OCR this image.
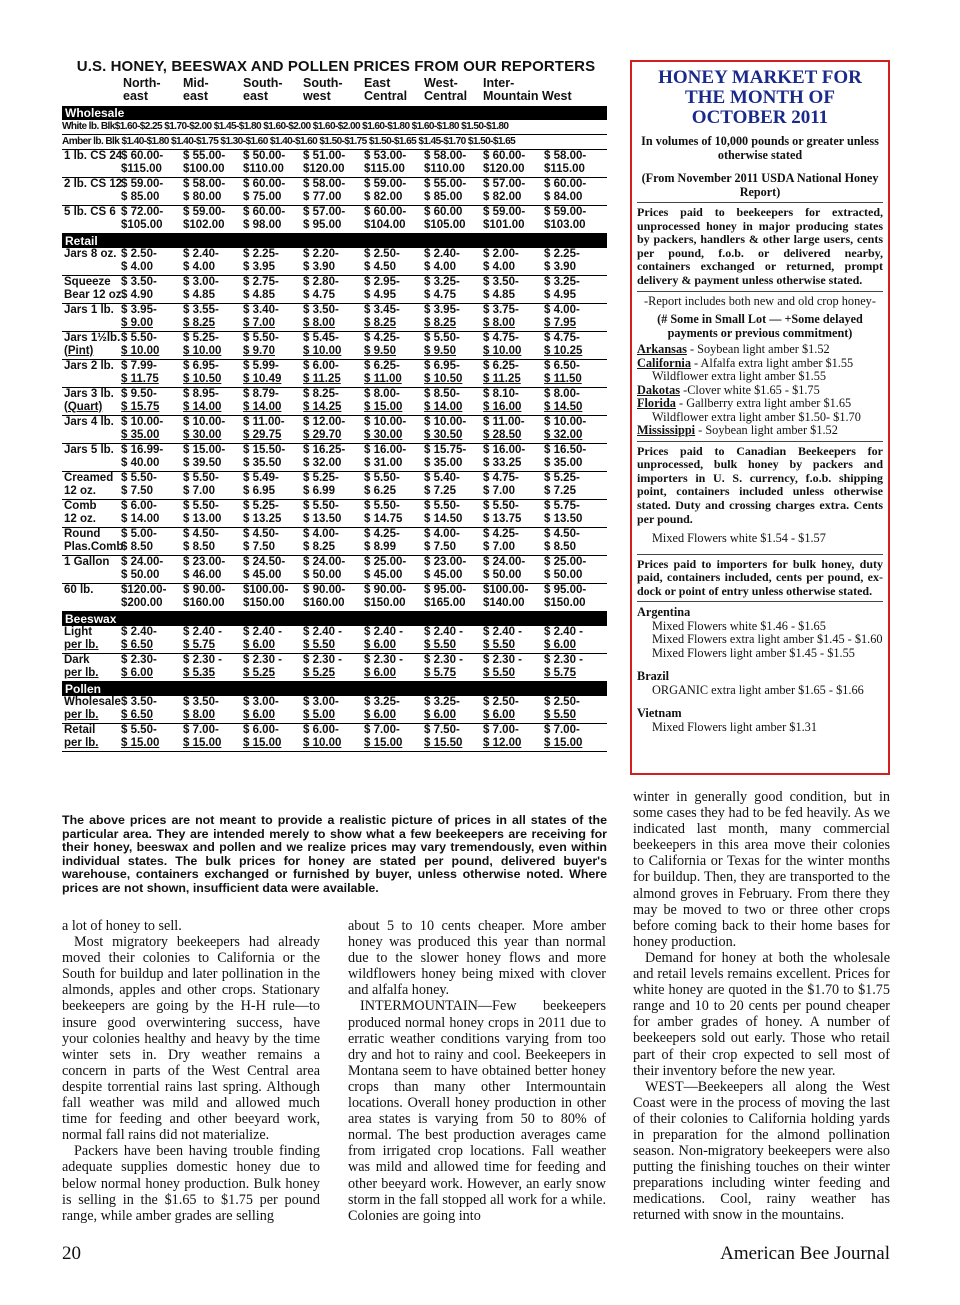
U.S. HONEY, BEESWAX AND POLLEN PRICES FROM OUR REPORTERS
North-
east
Mid-
east
South-
east
South-
west
East
Central
West-
Central
Inter-
Mountain West
Wholesale
White lb. Blk$1.60-$2.25 $1.70-$2.00 $1.45-$1.80 $1.60-$2.00 $1.60-$2.00 $1.60-$1.80 $1.60-$1.80 $1.50-$1.80
Amber lb. Blk $1.40-$1.80 $1.40-$1.75 $1.30-$1.60 $1.40-$1.60 $1.50-$1.75 $1.50-$1.65 $1.45-$1.70 $1.50-$1.65
1 lb. CS 24
$ 60.00-
$115.00
$ 55.00-
$100.00
$ 50.00-
$110.00
$ 51.00-
$120.00
$ 53.00-
$115.00
$ 58.00-
$110.00
$ 60.00-
$120.00
$ 58.00-
$115.00
2 lb. CS 12
$ 59.00-
$ 85.00
$ 58.00-
$ 80.00
$ 60.00-
$ 75.00
$ 58.00-
$ 77.00
$ 59.00-
$ 82.00
$ 55.00-
$ 85.00
$ 57.00-
$ 82.00
$ 60.00-
$ 84.00
5 lb. CS 6 $ 72.00-
$105.00
$ 59.00-
$102.00
$ 60.00-
$ 98.00
$ 57.00-
$ 95.00
$ 60.00-
$104.00
$ 60.00
$105.00
$ 59.00-
$101.00
$ 59.00-
$103.00
Retail
Jars 8 oz. $ 2.50-
$ 4.00
$ 2.40-
$ 4.00
$ 2.25-
$ 3.95
$ 2.20-
$ 3.90
$ 2.50-
$ 4.50
$ 2.40-
$ 4.00
$ 2.00-
$ 4.00
$ 2.25-
$ 3.90
Squeeze
Bear 12 oz.
$ 3.50-
$ 4.90
$ 3.00-
$ 4.85
$ 2.75-
$ 4.85
$ 2.80-
$ 4.75
$ 2.95-
$ 4.95
$ 3.25-
$ 4.75
$ 3.50-
$ 4.85
$ 3.25-
$ 4.95
Jars 1 lb. $ 3.95-
$ 9.00
$ 3.55-
$ 8.25
$ 3.40-
$ 7.00
$ 3.50-
$ 8.00
$ 3.45-
$ 8.25
$ 3.95-
$ 8.25
$ 3.75-
$ 8.00
$ 4.00-
$ 7.95
Jars 1½lb.
(Pint)
$ 5.50-
$ 10.00
$ 5.25-
$ 10.00
$ 5.50-
$ 9.70
$ 5.45-
$ 10.00
$ 4.25-
$ 9.50
$ 5.50-
$ 9.50
$ 4.75-
$ 10.00
$ 4.75-
$ 10.25
Jars 2 lb. $ 7.99-
$ 11.75
$ 6.95-
$ 10.50
$ 5.99-
$ 10.49
$ 6.00-
$ 11.25
$ 6.25-
$ 11.00
$ 6.95-
$ 10.50
$ 6.25-
$ 11.25
$ 6.50-
$ 11.50
Jars 3 lb.
(Quart)
$ 9.50-
$ 15.75
$ 8.95-
$ 14.00
$ 8.79-
$ 14.00
$ 8.25-
$ 14.25
$ 8.00-
$ 15.00
$ 8.50-
$ 14.00
$ 8.10-
$ 16.00
$ 8.00-
$ 14.50
Jars 4 lb. $ 10.00-
$ 35.00
$ 10.00-
$ 30.00
$ 11.00-
$ 29.75
$ 12.00-
$ 29.70
$ 10.00-
$ 30.00
$ 10.00-
$ 30.50
$ 11.00-
$ 28.50
$ 10.00-
$ 32.00
Jars 5 lb. $ 16.99-
$ 40.00
$ 15.00-
$ 39.50
$ 15.50-
$ 35.50
$ 16.25-
$ 32.00
$ 16.00-
$ 31.00
$ 15.75-
$ 35.00
$ 16.00-
$ 33.25
$ 16.50-
$ 35.00
Creamed
12 oz.
$ 5.50-
$ 7.50
$ 5.50-
$ 7.00
$ 5.49-
$ 6.95
$ 5.25-
$ 6.99
$ 5.50-
$ 6.25
$ 5.40-
$ 7.25
$ 4.75-
$ 7.00
$ 5.25-
$ 7.25
Comb
12 oz.
$ 6.00-
$ 14.00
$ 5.50-
$ 13.00
$ 5.25-
$ 13.25
$ 5.50-
$ 13.50
$ 5.50-
$ 14.75
$ 5.50-
$ 14.50
$ 5.50-
$ 13.75
$ 5.75-
$ 13.50
Round
Plas.Comb
$ 5.00-
$ 8.50
$ 4.50-
$ 8.50
$ 4.50-
$ 7.50
$ 4.00-
$ 8.25
$ 4.25-
$ 8.99
$ 4.00-
$ 7.50
$ 4.25-
$ 7.00
$ 4.50-
$ 8.50
1 Gallon $ 24.00-
$ 50.00
$ 23.00-
$ 46.00
$ 24.50-
$ 45.00
$ 24.00-
$ 50.00
$ 25.00-
$ 45.00
$ 23.00-
$ 45.00
$ 24.00-
$ 50.00
$ 25.00-
$ 50.00
60 lb. $120.00-
$200.00
$ 90.00-
$160.00
$100.00-
$150.00
$ 90.00-
$160.00
$ 90.00-
$150.00
$ 95.00-
$165.00
$100.00-
$140.00
$ 95.00-
$150.00
Beeswax
Light
per lb.
$ 2.40-
$ 6.50
$ 2.40 -
$ 5.75
$ 2.40 -
$ 6.00
$ 2.40 -
$ 5.50
$ 2.40 -
$ 6.00
$ 2.40 -
$ 5.50
$ 2.40 -
$ 5.50
$ 2.40 -
$ 6.00
Dark
per lb.
$ 2.30-
$ 6.00
$ 2.30 -
$ 5.35
$ 2.30 -
$ 5.25
$ 2.30 -
$ 5.25
$ 2.30 -
$ 6.00
$ 2.30 -
$ 5.75
$ 2.30 -
$ 5.50
$ 2.30 -
$ 5.75
Pollen
Wholesale
per lb.
$ 3.50-
$ 6.50
$ 3.50-
$ 8.00
$ 3.00-
$ 6.00
$ 3.00-
$ 5.00
$ 3.25-
$ 6.00
$ 3.25-
$ 6.00
$ 2.50-
$ 6.00
$ 2.50-
$ 5.50
Retail
per lb.
$ 5.50-
$ 15.00
$ 7.00-
$ 15.00
$ 6.00-
$ 15.00
$ 6.00-
$ 10.00
$ 7.00-
$ 15.00
$ 7.50-
$ 15.50
$ 7.00-
$ 12.00
$ 7.00-
$ 15.00
The above prices are not meant to provide a realistic picture of prices in all states of the particular area. They are intended merely to show what a few beekeepers are receiving for their honey, beeswax and pollen and we realize prices may vary tremendously, even within individual states. The bulk prices for honey are stated per pound, delivered buyer's warehouse, containers exchanged or furnished by buyer, unless otherwise noted. Where prices are not shown, insufficient data were available.

a lot of honey to sell.

Most migratory beekeepers had already moved their colonies to California or the South for buildup and later pollination in the almonds, apples and other crops. Stationary beekeepers are going by the H-H rule—to insure good overwintering success, have your colonies healthy and heavy by the time winter sets in. Dry weather remains a concern in parts of the West Central area despite torrential rains last spring. Although fall weather was mild and allowed much time for feeding and other beeyard work, normal fall rains did not materialize.

Packers have been having trouble finding adequate supplies domestic honey due to below normal honey production. Bulk honey is selling in the $1.65 to $1.75 per pound range, while amber grades are selling

about 5 to 10 cents cheaper. More amber honey was produced this year than normal due to the slower honey flows and more wildflowers honey being mixed with clover and alfalfa honey.

INTERMOUNTAIN—Few beekeepers produced normal honey crops in 2011 due to erratic weather conditions varying from too dry and hot to rainy and cool. Beekeepers in Montana seem to have obtained better honey crops than many other Intermountain locations. Overall honey production in other area states is varying from 50 to 80% of normal. The best production averages came from irrigated crop locations. Fall weather was mild and allowed time for feeding and other beeyard work. However, an early snow storm in the fall stopped all work for a while. Colonies are going into

winter in generally good condition, but in some cases they had to be fed heavily. As we indicated last month, many commercial beekeepers in this area move their colonies to California or Texas for the winter months for buildup. Then, they are transported to the almond groves in February. From there they may be moved to two or three other crops before coming back to their home bases for honey production.

Demand for honey at both the wholesale and retail levels remains excellent. Prices for white honey are quoted in the $1.70 to $1.75 range and 10 to 20 cents per pound cheaper for amber grades of honey. A number of beekeepers sold out early. Those who retail part of their crop expected to sell most of their inventory before the new year.

WEST—Beekeepers all along the West Coast were in the process of moving the last of their colonies to California holding yards in preparation for the almond pollination season. Non-migratory beekeepers were also putting the finishing touches on their winter preparations including winter feeding and medications. Cool, rainy weather has returned with snow in the mountains.

HONEY MARKET FOR THE MONTH OF OCTOBER 2011
In volumes of 10,000 pounds or greater unless otherwise stated
(From November 2011 USDA National Honey Report)
Prices paid to beekeepers for extracted, unprocessed honey in major producing states by packers, handlers & other large users, cents per pound, f.o.b. or delivered nearby, containers exchanged or returned, prompt delivery & payment unless otherwise stated.
-Report includes both new and old crop honey-
(# Some in Small Lot — +Some delayed payments or previous commitment)
Arkansas - Soybean light amber $1.52
California - Alfalfa extra light amber $1.55
Wildflower extra light amber $1.55
Dakotas -Clover white $1.65 - $1.75
Florida - Gallberry extra light amber $1.65
Wildflower extra light amber $1.50- $1.70
Mississippi - Soybean light amber $1.52
Prices paid to Canadian Beekeepers for unprocessed, bulk honey by packers and importers in U. S. currency, f.o.b. shipping point, containers included unless otherwise stated. Duty and crossing charges extra. Cents per pound.
Mixed Flowers white $1.54 - $1.57
Prices paid to importers for bulk honey, duty paid, containers included, cents per pound, ex-dock or point of entry unless otherwise stated.
Argentina
Mixed Flowers white $1.46 - $1.65
Mixed Flowers extra light amber $1.45 - $1.60
Mixed Flowers light amber $1.45 - $1.55
Brazil
ORGANIC extra light amber $1.65 - $1.66
Vietnam
Mixed Flowers light amber $1.31
20	American Bee Journal
